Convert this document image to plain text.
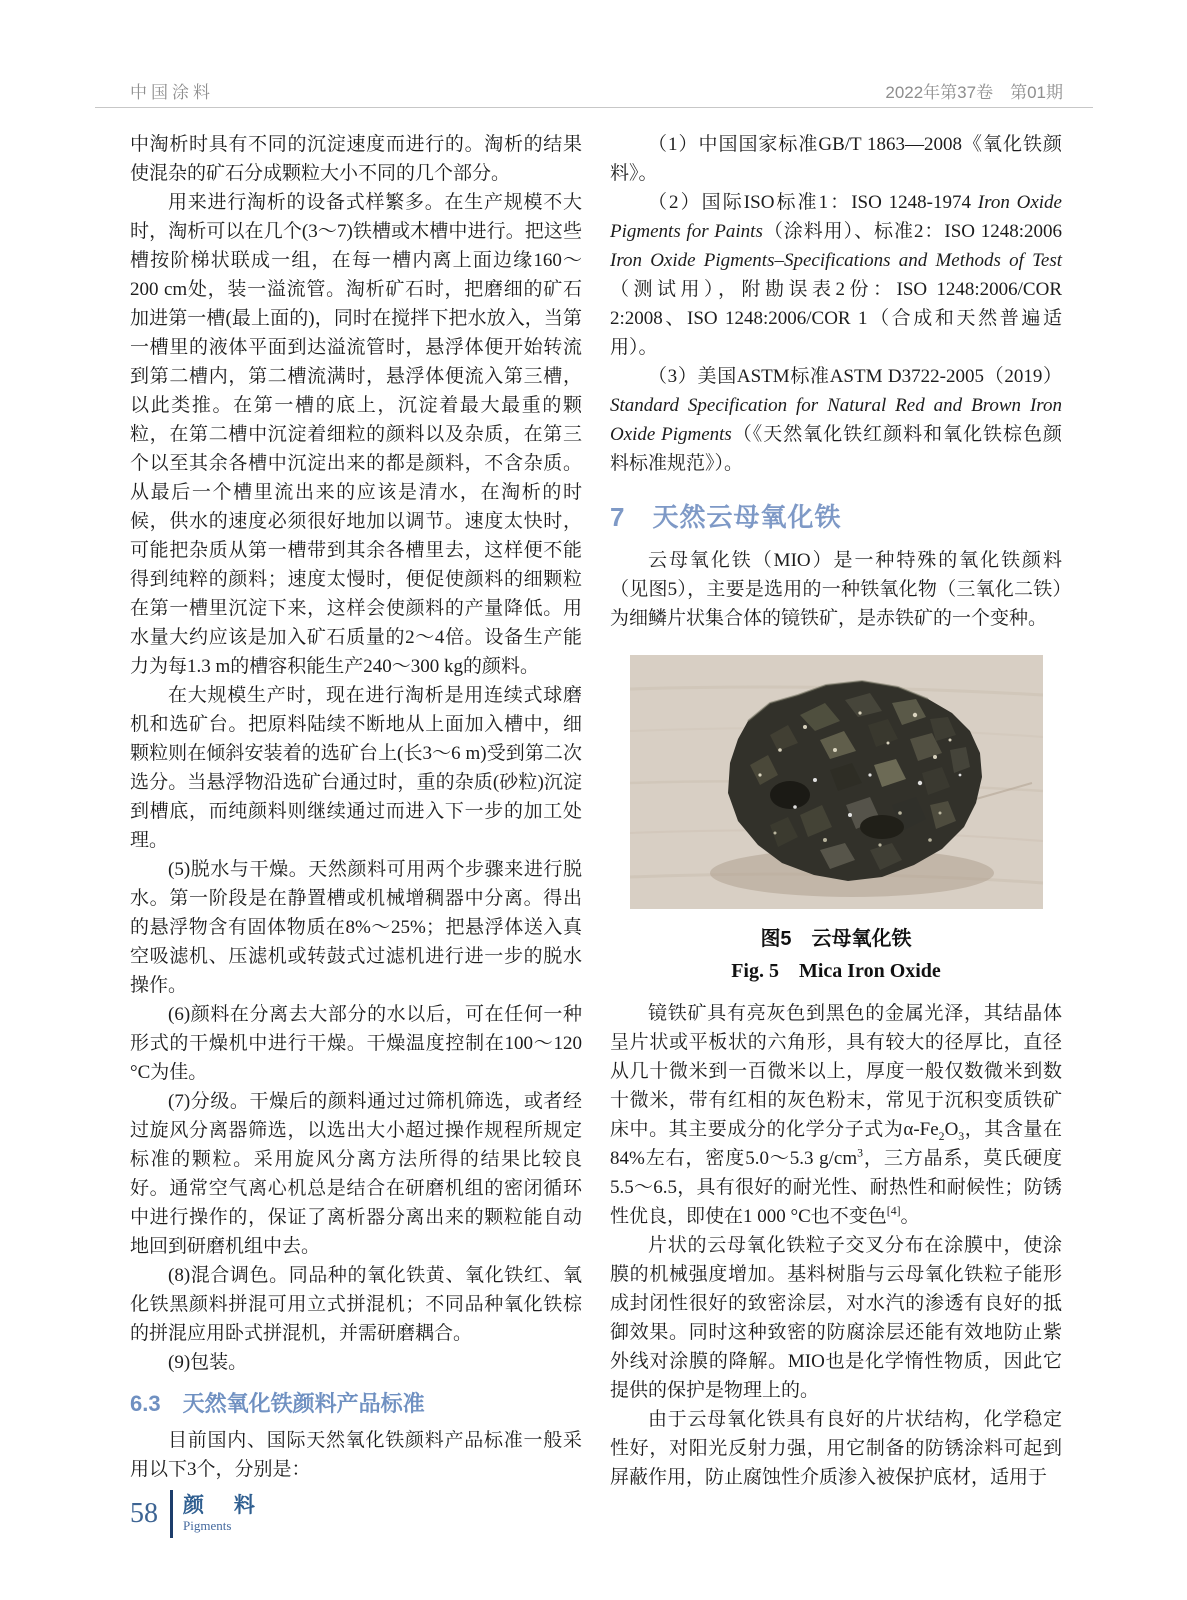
中国涂料	2022年第37卷　第01期

中淘析时具有不同的沉淀速度而进行的。淘析的结果使混杂的矿石分成颗粒大小不同的几个部分。

用来进行淘析的设备式样繁多。在生产规模不大时，淘析可以在几个(3～7)铁槽或木槽中进行。把这些槽按阶梯状联成一组，在每一槽内离上面边缘160～200 cm处，装一溢流管。淘析矿石时，把磨细的矿石加进第一槽(最上面的)，同时在搅拌下把水放入，当第一槽里的液体平面到达溢流管时，悬浮体便开始转流到第二槽内，第二槽流满时，悬浮体便流入第三槽，以此类推。在第一槽的底上，沉淀着最大最重的颗粒，在第二槽中沉淀着细粒的颜料以及杂质，在第三个以至其余各槽中沉淀出来的都是颜料，不含杂质。从最后一个槽里流出来的应该是清水，在淘析的时候，供水的速度必须很好地加以调节。速度太快时，可能把杂质从第一槽带到其余各槽里去，这样便不能得到纯粹的颜料；速度太慢时，便促使颜料的细颗粒在第一槽里沉淀下来，这样会使颜料的产量降低。用水量大约应该是加入矿石质量的2～4倍。设备生产能力为每1.3 m的槽容积能生产240～300 kg的颜料。

在大规模生产时，现在进行淘析是用连续式球磨机和选矿台。把原料陆续不断地从上面加入槽中，细颗粒则在倾斜安装着的选矿台上(长3～6 m)受到第二次选分。当悬浮物沿选矿台通过时，重的杂质(砂粒)沉淀到槽底，而纯颜料则继续通过而进入下一步的加工处理。

(5)脱水与干燥。天然颜料可用两个步骤来进行脱水。第一阶段是在静置槽或机械增稠器中分离。得出的悬浮物含有固体物质在8%～25%；把悬浮体送入真空吸滤机、压滤机或转鼓式过滤机进行进一步的脱水操作。

(6)颜料在分离去大部分的水以后，可在任何一种形式的干燥机中进行干燥。干燥温度控制在100～120 °C为佳。

(7)分级。干燥后的颜料通过过筛机筛选，或者经过旋风分离器筛选，以选出大小超过操作规程所规定标准的颗粒。采用旋风分离方法所得的结果比较良好。通常空气离心机总是结合在研磨机组的密闭循环中进行操作的，保证了离析器分离出来的颗粒能自动地回到研磨机组中去。

(8)混合调色。同品种的氧化铁黄、氧化铁红、氧化铁黑颜料拼混可用立式拼混机；不同品种氧化铁棕的拼混应用卧式拼混机，并需研磨耦合。

(9)包装。

6.3　天然氧化铁颜料产品标准

目前国内、国际天然氧化铁颜料产品标准一般采用以下3个，分别是：

（1）中国国家标准GB/T 1863—2008《氧化铁颜料》。

（2）国际ISO标准1：ISO 1248-1974 Iron Oxide Pigments for Paints（涂料用）、标准2：ISO 1248:2006 Iron Oxide Pigments–Specifications and Methods of Test（测试用），附勘误表2份：ISO 1248:2006/COR 2:2008、ISO 1248:2006/COR 1（合成和天然普遍适用）。

（3）美国ASTM标准ASTM D3722-2005（2019）Standard Specification for Natural Red and Brown Iron Oxide Pigments（《天然氧化铁红颜料和氧化铁棕色颜料标准规范》）。

7　天然云母氧化铁

云母氧化铁（MIO）是一种特殊的氧化铁颜料（见图5），主要是选用的一种铁氧化物（三氧化二铁）为细鳞片状集合体的镜铁矿，是赤铁矿的一个变种。

图5　云母氧化铁
Fig. 5　Mica Iron Oxide

镜铁矿具有亮灰色到黑色的金属光泽，其结晶体呈片状或平板状的六角形，具有较大的径厚比，直径从几十微米到一百微米以上，厚度一般仅数微米到数十微米，带有红相的灰色粉末，常见于沉积变质铁矿床中。其主要成分的化学分子式为$\alpha-Fe_2O_3$，其含量在84%左右，密度5.0～5.3 $g/cm^3$，三方晶系，莫氏硬度5.5～6.5，具有很好的耐光性、耐热性和耐候性；防锈性优良，即使在1 000 °C也不变色[4]。

片状的云母氧化铁粒子交叉分布在涂膜中，使涂膜的机械强度增加。基料树脂与云母氧化铁粒子能形成封闭性很好的致密涂层，对水汽的渗透有良好的抵御效果。同时这种致密的防腐涂层还能有效地防止紫外线对涂膜的降解。MIO也是化学惰性物质，因此它提供的保护是物理上的。

由于云母氧化铁具有良好的片状结构，化学稳定性好，对阳光反射力强，用它制备的防锈涂料可起到屏蔽作用，防止腐蚀性介质渗入被保护底材，适用于

58 颜 料
Pigments
